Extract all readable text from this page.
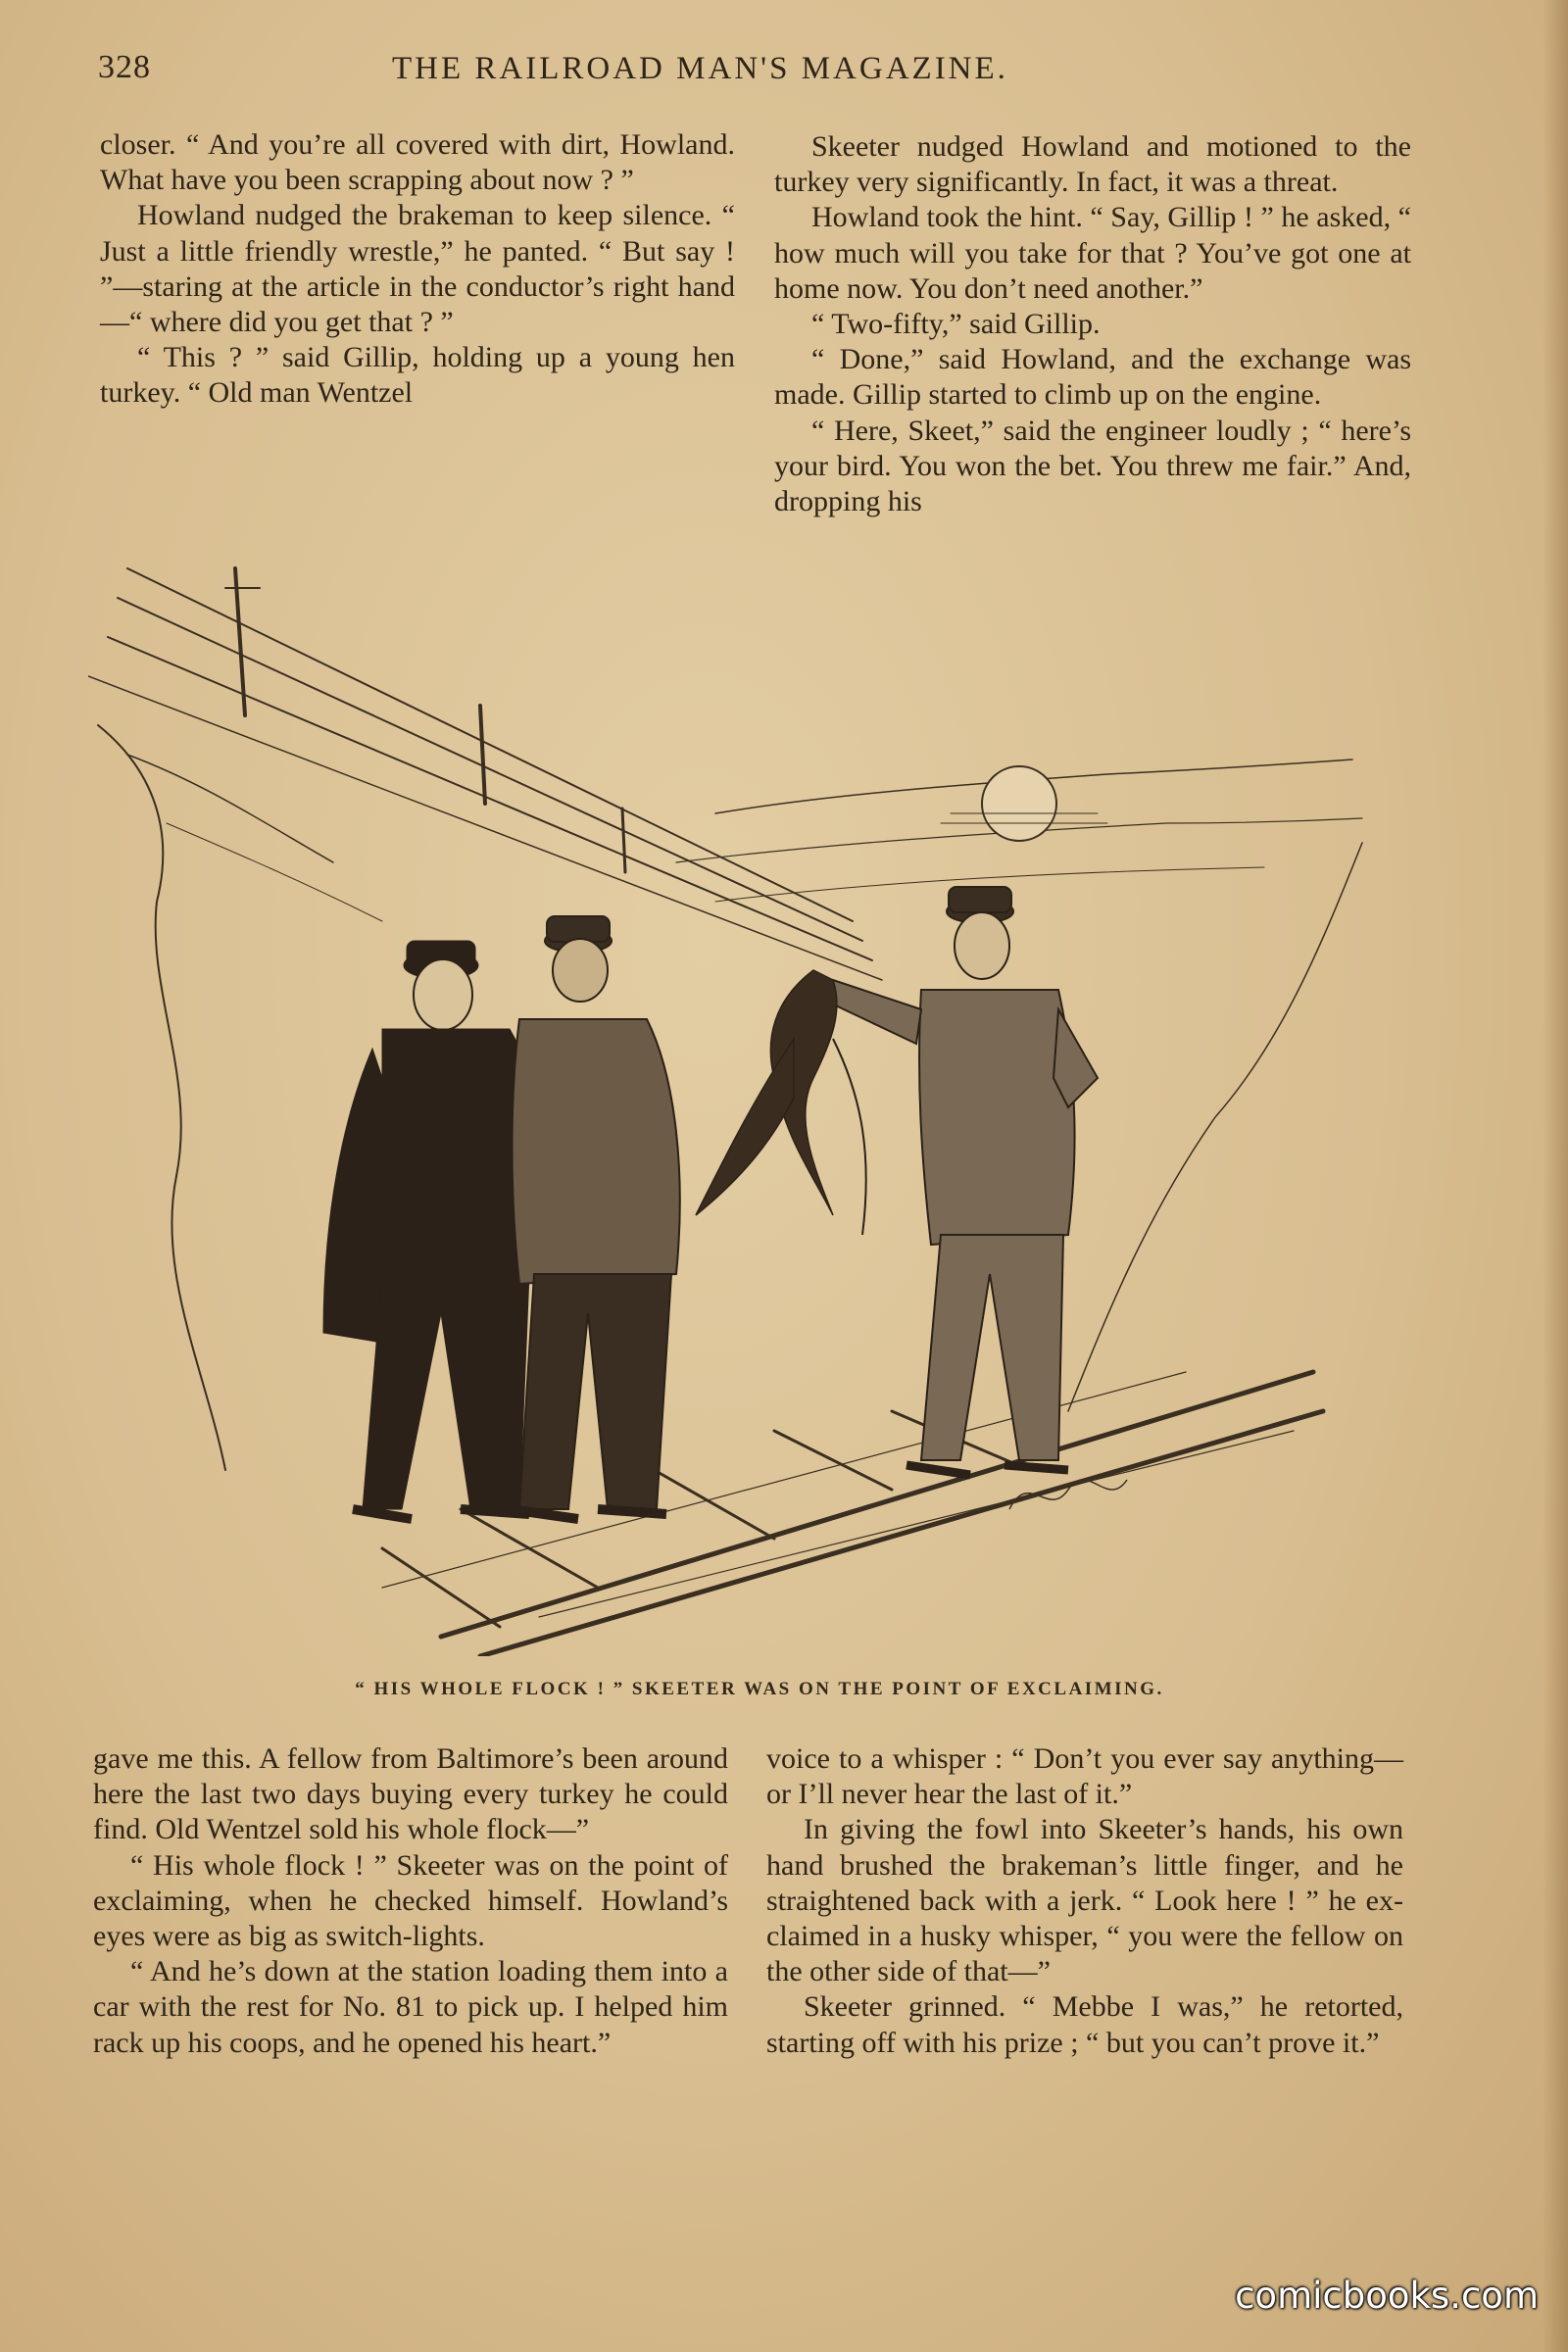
328	THE RAILROAD MAN'S MAGAZINE.

closer. “ And you’re all covered with dirt, Howland. What have you been scrapping about now ? ”

Howland nudged the brakeman to keep silence. “ Just a little friendly wrestle,” he panted. “ But say ! ”—staring at the article in the conductor’s right hand—“ where did you get that ? ”

“ This ? ” said Gillip, holding up a young hen turkey. “ Old man Wentzel

Skeeter nudged Howland and motioned to the turkey very significantly. In fact, it was a threat.

Howland took the hint. “ Say, Gillip ! ” he asked, “ how much will you take for that ? You’ve got one at home now. You don’t need another.”

“ Two-fifty,” said Gillip.

“ Done,” said Howland, and the exchange was made. Gillip started to climb up on the engine.

“ Here, Skeet,” said the engineer loudly ; “ here’s your bird. You won the bet. You threw me fair.” And, dropping his

“ HIS WHOLE FLOCK ! ” SKEETER WAS ON THE POINT OF EXCLAIMING.

gave me this. A fellow from Baltimore’s been around here the last two days buying every turkey he could find. Old Wentzel sold his whole flock—”

“ His whole flock ! ” Skeeter was on the point of exclaiming, when he checked himself. Howland’s eyes were as big as switch-lights.

“ And he’s down at the station loading them into a car with the rest for No. 81 to pick up. I helped him rack up his coops, and he opened his heart.”

voice to a whisper : “ Don’t you ever say anything—or I’ll never hear the last of it.”

In giving the fowl into Skeeter’s hands, his own hand brushed the brakeman’s little finger, and he straightened back with a jerk. “ Look here ! ” he exclaimed in a husky whisper, “ you were the fellow on the other side of that—”

Skeeter grinned. “ Mebbe I was,” he retorted, starting off with his prize ; “ but you can’t prove it.”

comicbooks.com
